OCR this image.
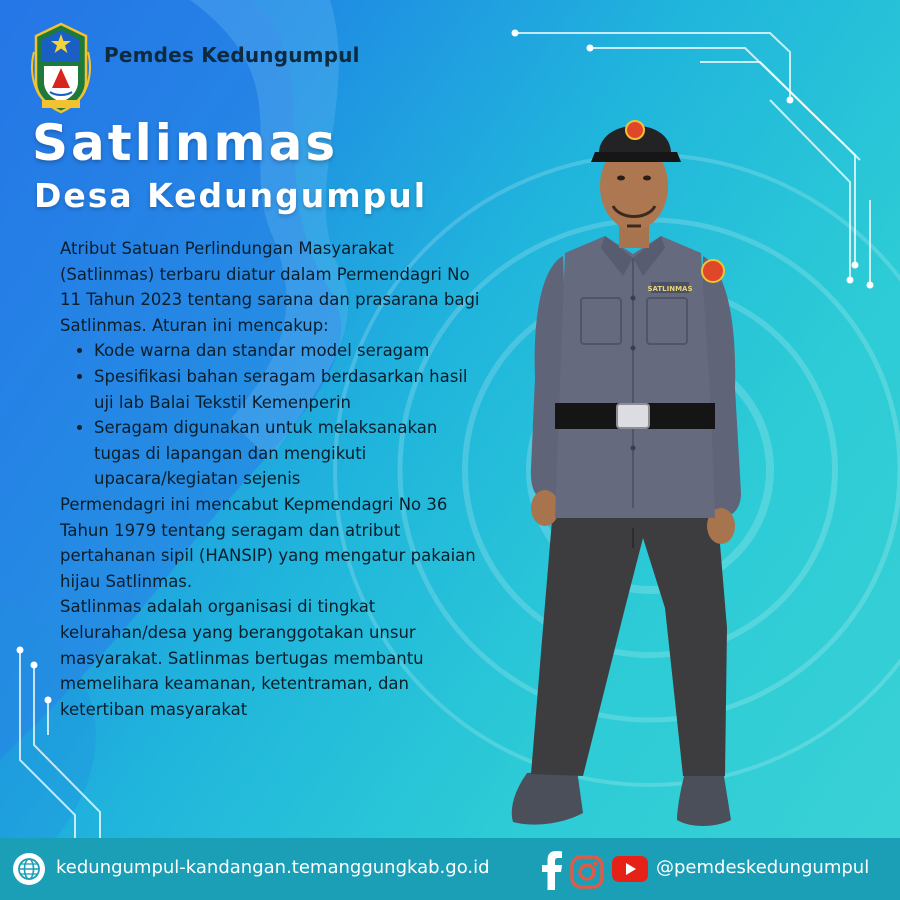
Pemdes Kedungumpul
Satlinmas
Desa Kedungumpul

Atribut Satuan Perlindungan Masyarakat (Satlinmas) terbaru diatur dalam Permendagri No 11 Tahun 2023 tentang sarana dan prasarana bagi Satlinmas. Aturan ini mencakup:

• Kode warna dan standar model seragam
• Spesifikasi bahan seragam berdasarkan hasil uji lab Balai Tekstil Kemenperin
• Seragam digunakan untuk melaksanakan tugas di lapangan dan mengikuti upacara/kegiatan sejenis

Permendagri ini mencabut Kepmendagri No 36 Tahun 1979 tentang seragam dan atribut pertahanan sipil (HANSIP) yang mengatur pakaian hijau Satlinmas.

Satlinmas adalah organisasi di tingkat kelurahan/desa yang beranggotakan unsur masyarakat. Satlinmas bertugas membantu memelihara keamanan, ketentraman, dan ketertiban masyarakat

SATLINMAS
kedungumpul-kandangan.temanggungkab.go.id	@pemdeskedungumpul
